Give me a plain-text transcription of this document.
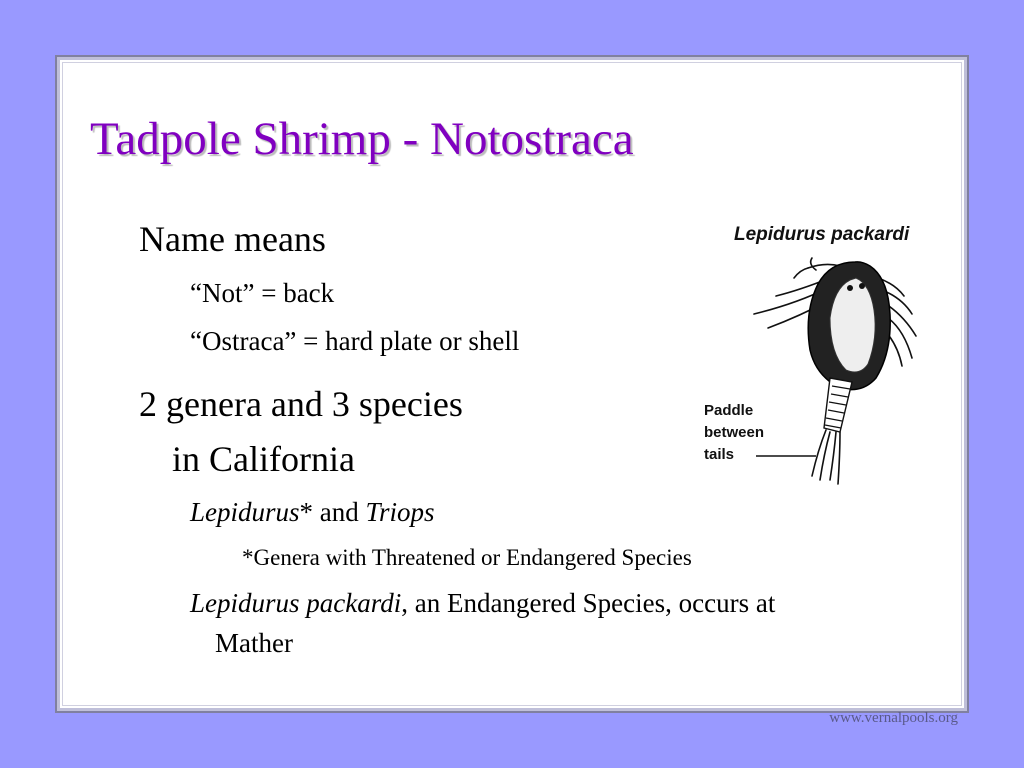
Tadpole Shrimp - Notostraca
Name means
“Not” = back
“Ostraca” = hard plate or shell
2 genera and 3 species
in California
Lepidurus* and Triops
*Genera with Threatened or Endangered Species
Lepidurus packardi, an Endangered Species, occurs at
Mather
Lepidurus packardi
Paddle
between
tails
www.vernalpools.org
